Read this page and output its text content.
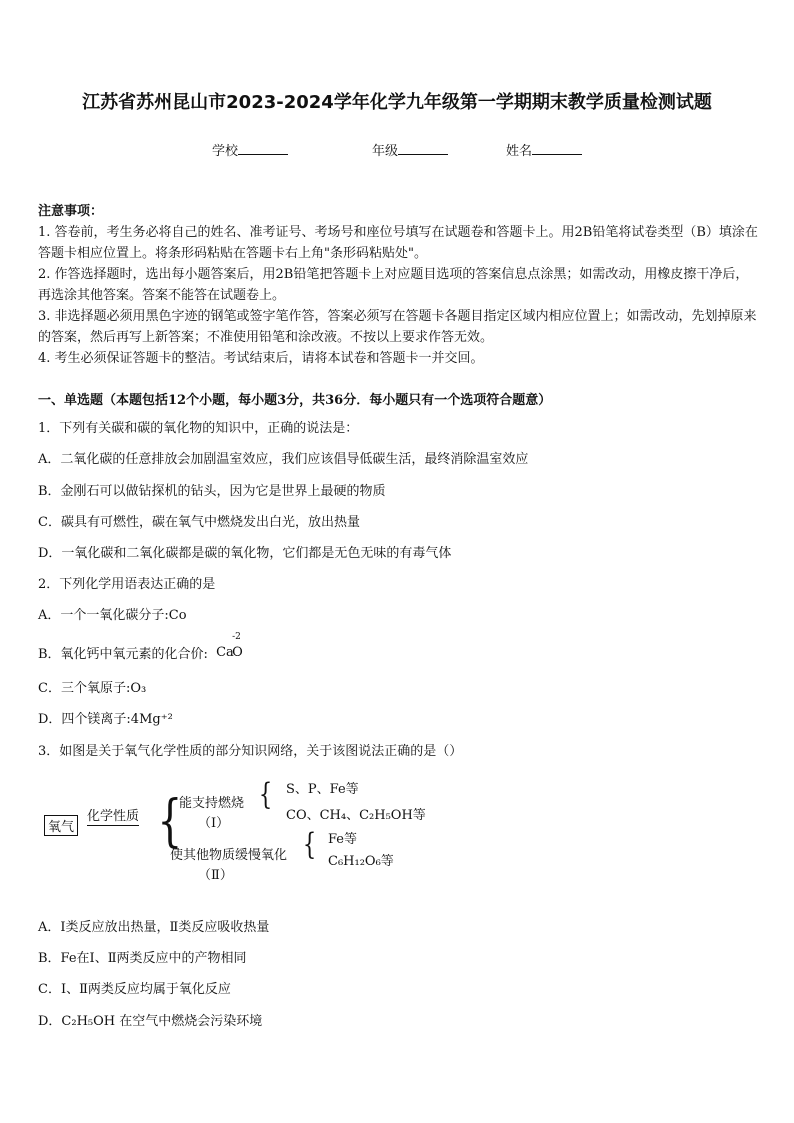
江苏省苏州昆山市2023-2024学年化学九年级第一学期期末教学质量检测试题
学校	年级	姓名
注意事项：
1. 答卷前，考生务必将自己的姓名、准考证号、考场号和座位号填写在试题卷和答题卡上。用2B铅笔将试卷类型（B）填涂在答题卡相应位置上。将条形码粘贴在答题卡右上角"条形码粘贴处"。
2. 作答选择题时，选出每小题答案后，用2B铅笔把答题卡上对应题目选项的答案信息点涂黑；如需改动，用橡皮擦干净后，再选涂其他答案。答案不能答在试题卷上。
3. 非选择题必须用黑色字迹的钢笔或签字笔作答，答案必须写在答题卡各题目指定区域内相应位置上；如需改动，先划掉原来的答案，然后再写上新答案；不准使用铅笔和涂改液。不按以上要求作答无效。
4. 考生必须保证答题卡的整洁。考试结束后，请将本试卷和答题卡一并交回。
一、单选题（本题包括12个小题，每小题3分，共36分．每小题只有一个选项符合题意）
1．下列有关碳和碳的氧化物的知识中，正确的说法是：
A．二氧化碳的任意排放会加剧温室效应，我们应该倡导低碳生活，最终消除温室效应
B．金刚石可以做钻探机的钻头，因为它是世界上最硬的物质
C．碳具有可燃性，碳在氧气中燃烧发出白光，放出热量
D．一氧化碳和二氧化碳都是碳的氧化物，它们都是无色无味的有毒气体
2．下列化学用语表达正确的是
A．一个一氧化碳分子:Co
B．氧化钙中氧元素的化合价: Ca
O
-2
C．三个氧原子:O₃
D．四个镁离子:4Mg⁺²
3．如图是关于氧气化学性质的部分知识网络，关于该图说法正确的是（）
氧气
化学性质 {
能支持燃烧
（Ⅰ）
{ S、P、Fe等
CO、CH₄、C₂H₅OH等
使其他物质缓慢氧化
（Ⅱ）
{ Fe等
C₆H₁₂O₆等
A．Ⅰ类反应放出热量，Ⅱ类反应吸收热量
B．Fe在Ⅰ、Ⅱ两类反应中的产物相同
C．Ⅰ、Ⅱ两类反应均属于氧化反应
D．C₂H₅OH 在空气中燃烧会污染环境
